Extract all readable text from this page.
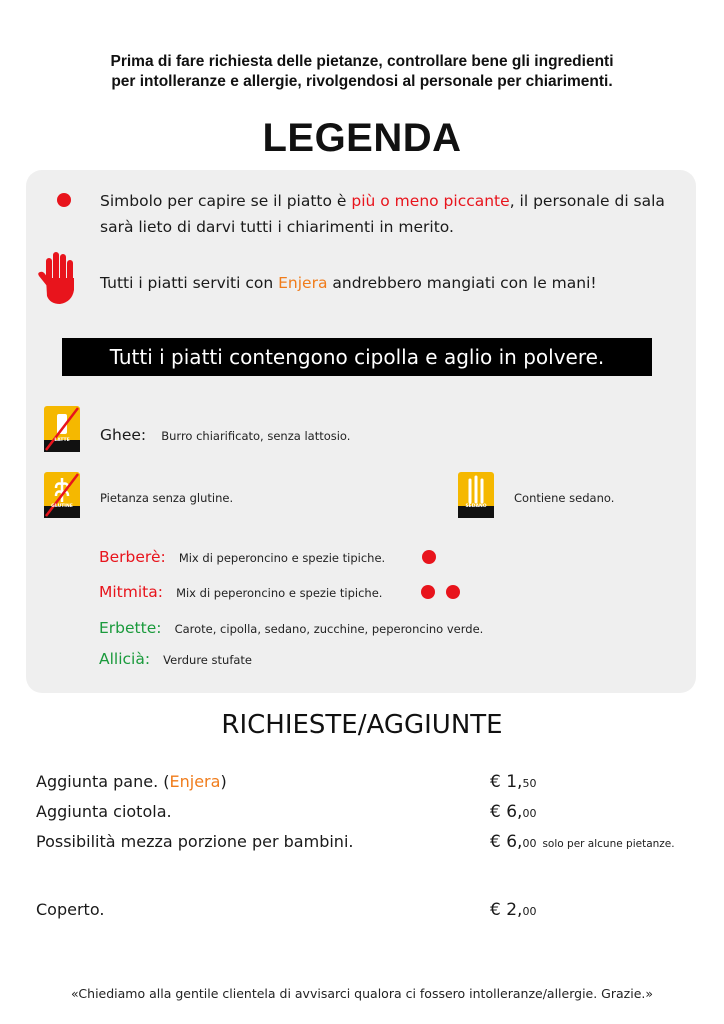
Prima di fare richiesta delle pietanze, controllare bene gli ingredienti
per intolleranze e allergie, rivolgendosi al personale per chiarimenti.
LEGENDA
Simbolo per capire se il piatto è più o meno piccante, il personale di sala sarà lieto di darvi tutti i chiarimenti in merito.
Tutti i piatti serviti con Enjera andrebbero mangiati con le mani!
Tutti i piatti contengono cipolla e aglio in polvere.
LATTE	Ghee: Burro chiarificato, senza lattosio.
GLUTINE
Pietanza senza glutine.
SEDANO
Contiene sedano.
Berberè: Mix di peperoncino e spezie tipiche.
Mitmita: Mix di peperoncino e spezie tipiche.
Erbette: Carote, cipolla, sedano, zucchine, peperoncino verde.
Allicià: Verdure stufate
RICHIESTE/AGGIUNTE
Aggiunta pane. (Enjera)	€ 1,50
Aggiunta ciotola.	€ 6,00
Possibilità mezza porzione per bambini.	€ 6,00 solo per alcune pietanze.
Coperto.	€ 2,00
«Chiediamo alla gentile clientela di avvisarci qualora ci fossero intolleranze/allergie. Grazie.»
